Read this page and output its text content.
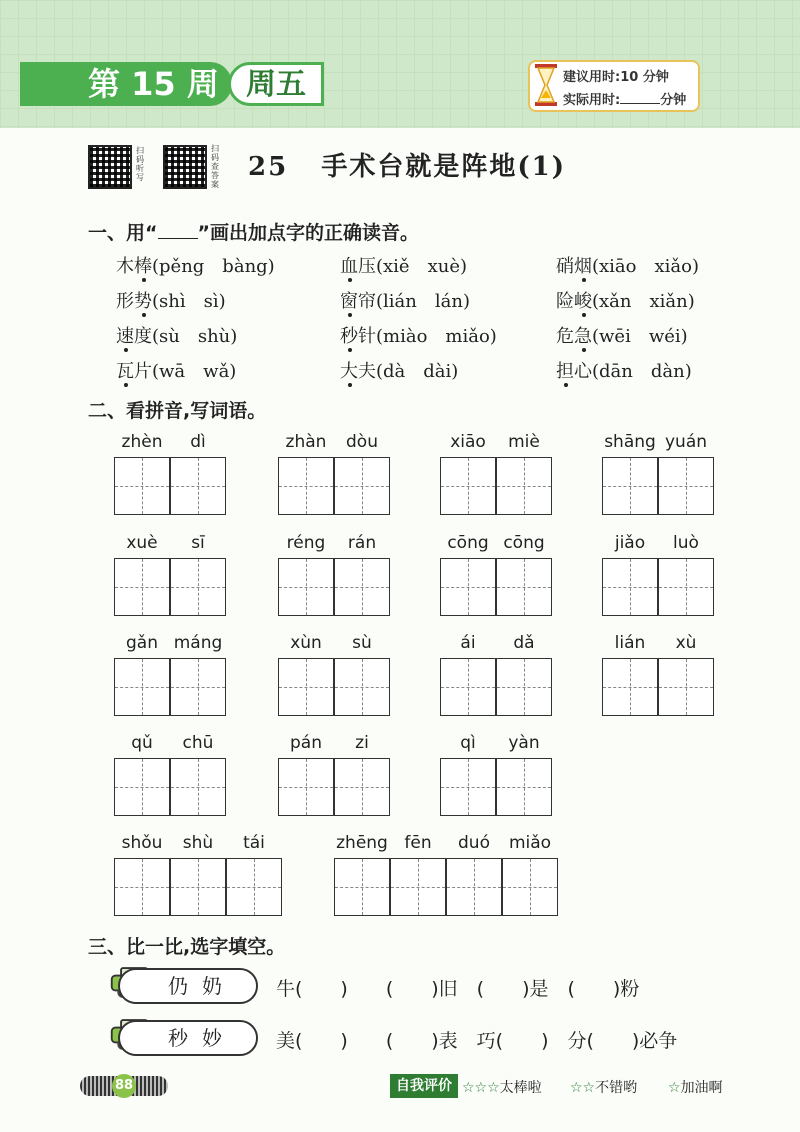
第 15 周 周五	建议用时:10 分钟
实际用时:	分钟
扫码听写
扫码查答案
25 手术台就是阵地(1)
一、用“ ”画出加点字的正确读音。
木棒(pěng　bàng)	血压(xiě　xuè)	硝烟(xiāo　xiǎo)
形势(shì　sì)	窗帘(lián　lán)	险峻(xǎn　xiǎn)
速度(sù　shù)	秒针(miào　miǎo)	危急(wēi　wéi)
瓦片(wā　wǎ)	大夫(dà　dài)	担心(dān　dàn)
二、看拼音,写词语。
zhèn	dì	zhàn	dòu	xiāo	miè	shāng yuán
xuè	sī	réng	rán	cōng cōng	jiǎo	luò
gǎn máng	xùn	sù	ái	dǎ	lián	xù
qǔ	chū	pán	zi	qì	yàn
shǒu	shù	tái	zhēng fēn	duó	miǎo
三、比一比,选字填空。
仍奶	牛(　　)　　(　　)旧　(　　)是　(　　)粉
秒妙	美(　　)　　(　　)表　巧(　　)　分(　　)必争
88	自我评价 ☆☆☆太棒啦 ☆☆不错哟 ☆加油啊
